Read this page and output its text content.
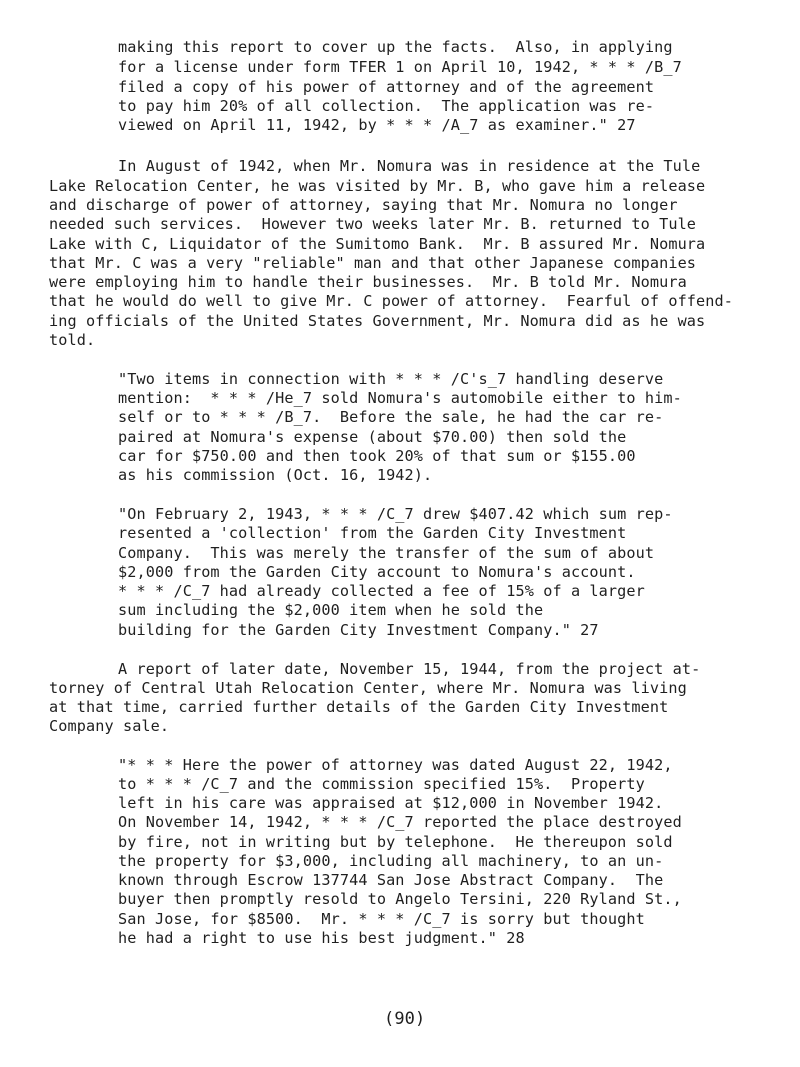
making this report to cover up the facts.  Also, in applying
for a license under form TFER 1 on April 10, 1942, * * * /B_7
filed a copy of his power of attorney and of the agreement
to pay him 20% of all collection.  The application was re-
viewed on April 11, 1942, by * * * /A_7 as examiner." 27
In August of 1942, when Mr. Nomura was in residence at the Tule
Lake Relocation Center, he was visited by Mr. B, who gave him a release
and discharge of power of attorney, saying that Mr. Nomura no longer
needed such services.  However two weeks later Mr. B. returned to Tule
Lake with C, Liquidator of the Sumitomo Bank.  Mr. B assured Mr. Nomura
that Mr. C was a very "reliable" man and that other Japanese companies
were employing him to handle their businesses.  Mr. B told Mr. Nomura
that he would do well to give Mr. C power of attorney.  Fearful of offend-
ing officials of the United States Government, Mr. Nomura did as he was
told.
"Two items in connection with * * * /C's_7 handling deserve
mention:  * * * /He_7 sold Nomura's automobile either to him-
self or to * * * /B_7.  Before the sale, he had the car re-
paired at Nomura's expense (about $70.00) then sold the
car for $750.00 and then took 20% of that sum or $155.00
as his commission (Oct. 16, 1942).
"On February 2, 1943, * * * /C_7 drew $407.42 which sum rep-
resented a 'collection' from the Garden City Investment
Company.  This was merely the transfer of the sum of about
$2,000 from the Garden City account to Nomura's account.
* * * /C_7 had already collected a fee of 15% of a larger
sum including the $2,000 item when he sold the
building for the Garden City Investment Company." 27
A report of later date, November 15, 1944, from the project at-
torney of Central Utah Relocation Center, where Mr. Nomura was living
at that time, carried further details of the Garden City Investment
Company sale.
"* * * Here the power of attorney was dated August 22, 1942,
to * * * /C_7 and the commission specified 15%.  Property
left in his care was appraised at $12,000 in November 1942.
On November 14, 1942, * * * /C_7 reported the place destroyed
by fire, not in writing but by telephone.  He thereupon sold
the property for $3,000, including all machinery, to an un-
known through Escrow 137744 San Jose Abstract Company.  The
buyer then promptly resold to Angelo Tersini, 220 Ryland St.,
San Jose, for $8500.  Mr. * * * /C_7 is sorry but thought
he had a right to use his best judgment." 28
(90)
